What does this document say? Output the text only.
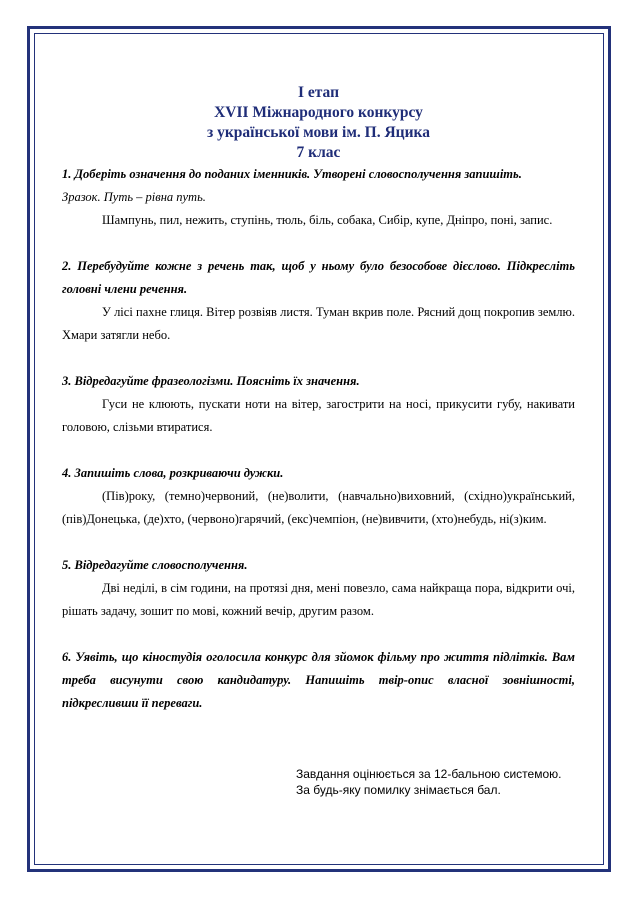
І етап
XVII Міжнародного конкурсу
з української мови ім. П. Яцика
7 клас
1. Доберіть означення до поданих іменників. Утворені словосполучення запишіть.
Зразок. Путь – рівна путь.
Шампунь, пил, нежить, ступінь, тюль, біль, собака, Сибір, купе, Дніпро, поні, запис.
2. Перебудуйте кожне з речень так, щоб у ньому було безособове дієслово. Підкресліть головні члени речення.
У лісі пахне глиця. Вітер розвіяв листя. Туман вкрив поле. Рясний дощ покропив землю. Хмари затягли небо.
3. Відредагуйте фразеологізми. Поясніть їх значення.
Гуси не клюють, пускати ноти на вітер, загострити на носі, прикусити губу, накивати головою, слізьми втиратися.
4. Запишіть слова, розкриваючи дужки.
(Пів)року, (темно)червоний, (не)волити, (навчально)виховний, (східно)український, (пів)Донецька, (де)хто, (червоно)гарячий, (екс)чемпіон, (не)вивчити, (хто)небудь, ні(з)ким.
5. Відредагуйте словосполучення.
Дві неділі, в сім години, на протязі дня, мені повезло, сама найкраща пора, відкрити очі, рішать задачу, зошит по мові, кожний вечір, другим разом.
6. Уявіть, що кіностудія оголосила конкурс для зйомок фільму про життя підлітків. Вам треба висунути свою кандидатуру. Напишіть твір-опис власної зовнішності, підкресливши її переваги.
Завдання оцінюється за 12-бальною системою.
За будь-яку помилку знімається бал.
